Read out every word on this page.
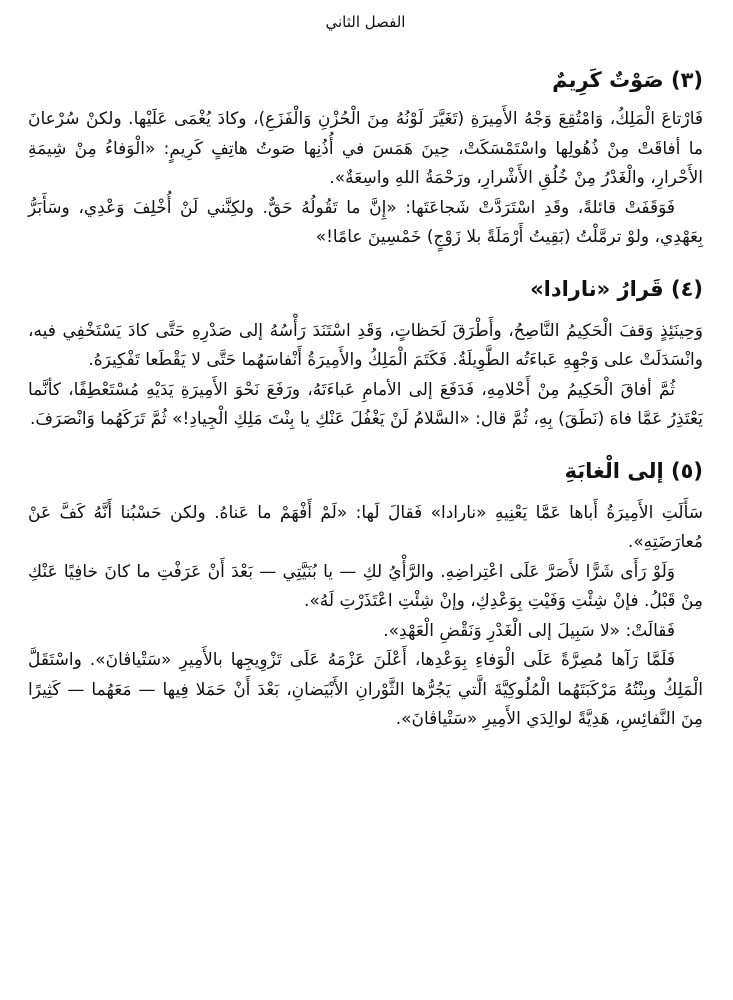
الفصل الثاني
(٣) صَوْتٌ كَرِيمٌ

فَارْتاعَ الْمَلِكُ، وَامْتُقِعَ وَجْهُ الأَمِيرَةِ (تَغَيَّرَ لَوْنُهُ مِنَ الْحُزْنِ وَالْفَزَعِ)، وكادَ يُغْمَى عَلَيْها. ولكنْ سُرْعانَ ما أفاقَتْ مِنْ ذُهُولِها واسْتَمْسَكَتْ، حِينَ هَمَسَ في أُذُنِها صَوتُ هاتِفٍ كَرِيمٍ: «الْوَفاءُ مِنْ شِيمَةِ الأَحْرارِ، والْغَدْرُ مِنْ خُلُقِ الأَشْرارِ، ورَحْمَةُ اللهِ واسِعَةٌ».

فَوَقَفَتْ قائلةً، وقَدِ اسْتَرَدَّتْ شَجاعَتَها: «إِنَّ ما تَقُولُهُ حَقٌّ. ولكِنَّني لَنْ أُخْلِفَ وَعْدِي، وسَأَبَرُّ بِعَهْدِي، ولوْ ترمَّلْتُ (بَقِيتُ أَرْمَلَةً بلا زَوْجٍ) خَمْسِينَ عامًا!»

(٤) قَرارُ «نارادا»

وَحِينَئِذٍ وَقفَ الْحَكِيمُ النَّاصِحُ، وأَطْرَقَ لَحَظاتٍ، وَقَدِ اسْتَنَدَ رَأْسُهُ إلى صَدْرِهِ حَتَّى كادَ يَسْتَخْفِي فيه، وانْسَدَلَتْ على وَجْهِهِ عَباءَتُه الطَّوِيلَةُ. فَكَتَمَ الْمَلِكُ والأَمِيرَةُ أَنْفاسَهُما حَتَّى لا يَقْطَعا تَفْكِيرَهُ.

ثُمَّ أفاقَ الْحَكِيمُ مِنْ أَحْلامِهِ، فَدَفَعَ إلى الأمامِ عَباءَتَهُ، ورَفَعَ نَحْوَ الأَمِيرَةِ يَدَيْهِ مُسْتَعْطِفًا، كأنَّما يَعْتَذِرُ عَمَّا فاهَ (نَطَقَ) بِهِ، ثُمَّ قال: «السَّلامُ لَنْ يَغْفُلَ عَنْكِ يا بِنْتَ مَلِكِ الْجِيادِ!» ثُمَّ تَرَكَهُما وَانْصَرَفَ.

(٥) إلى الْغابَةِ

سَأَلَتِ الأَمِيرَةُ أَباها عَمَّا يَعْنِيهِ «نارادا» فَقالَ لَها: «لَمْ أَفْهَمْ ما عَناهُ. ولكن حَسْبُنا أَنَّهُ كَفَّ عَنْ مُعارَضَتِهِ».

وَلَوْ رَأَى شَرًّا لأَصَرَّ عَلَى اعْتِراضِهِ. والرَّأْيُ لكِ — يا بُنَيَّتِي — بَعْدَ أَنْ عَرَفْتِ ما كانَ خافِيًا عَنْكِ مِنْ قَبْلُ. فإنْ شِئْتِ وَفَيْتِ بِوَعْدِكِ، وإنْ شِئْتِ اعْتَذَرْتِ لَهُ».

فَقالَتْ: «لا سَبِيلَ إلى الْغَدْرِ وَنَقْضِ الْعَهْدِ».

فَلَمَّا رَآها مُصِرَّةً عَلَى الْوَفاءِ بِوَعْدِها، أَعْلَنَ عَزْمَهُ عَلَى تَزْوِيجِها بالأَمِيرِ «سَتْياڤانَ». واسْتَقَلَّ الْمَلِكُ وبِنْتُهُ مَرْكَبَتَهُما الْمُلُوكِيَّةَ الَّتي يَجُرُّها الثَّوْرانِ الأَبْيَضانِ، بَعْدَ أَنْ حَمَلا فِيها — مَعَهُما — كَثِيرًا مِنَ النَّفائِسِ، هَدِيَّةً لوالِدَي الأَمِيرِ «سَتْياڤانَ».
